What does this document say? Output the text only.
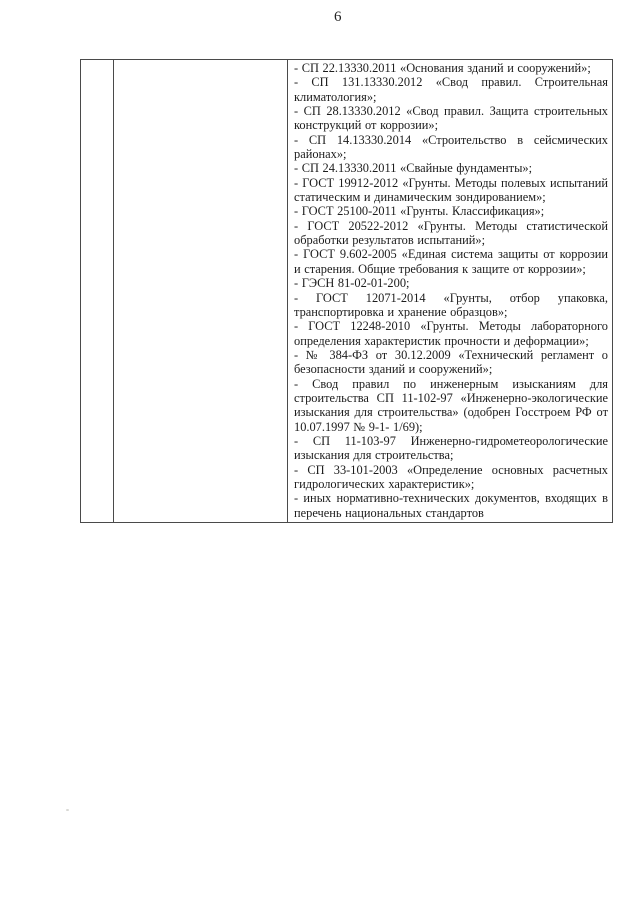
6

- СП 22.13330.2011 «Основания зданий и сооружений»;
- СП 131.13330.2012 «Свод правил. Строительная климатология»;
- СП 28.13330.2012 «Свод правил. Защита строительных конструкций от коррозии»;
- СП 14.13330.2014 «Строительство в сейсмических районах»;
- СП 24.13330.2011 «Свайные фундаменты»;
- ГОСТ 19912-2012 «Грунты. Методы полевых испытаний статическим и динамическим зондированием»;
- ГОСТ 25100-2011 «Грунты. Классификация»;
- ГОСТ 20522-2012 «Грунты. Методы статистической обработки результатов испытаний»;
- ГОСТ 9.602-2005 «Единая система защиты от коррозии и старения. Общие требования к защите от коррозии»;
- ГЭСН 81-02-01-200;
- ГОСТ 12071-2014 «Грунты, отбор упаковка, транспортировка и хранение образцов»;
- ГОСТ 12248-2010 «Грунты. Методы лабораторного определения характеристик прочности и деформации»;
- № 384-ФЗ от 30.12.2009 «Технический регламент о безопасности зданий и сооружений»;
- Свод правил по инженерным изысканиям для строительства СП 11-102-97 «Инженерно-экологические изыскания для строительства» (одобрен Госстроем РФ от 10.07.1997 № 9-1- 1/69);
- СП 11-103-97 Инженерно-гидрометеорологические изыскания для строительства;
- СП 33-101-2003 «Определение основных расчетных гидрологических характеристик»;
- иных нормативно-технических документов, входящих в перечень национальных стандартов
